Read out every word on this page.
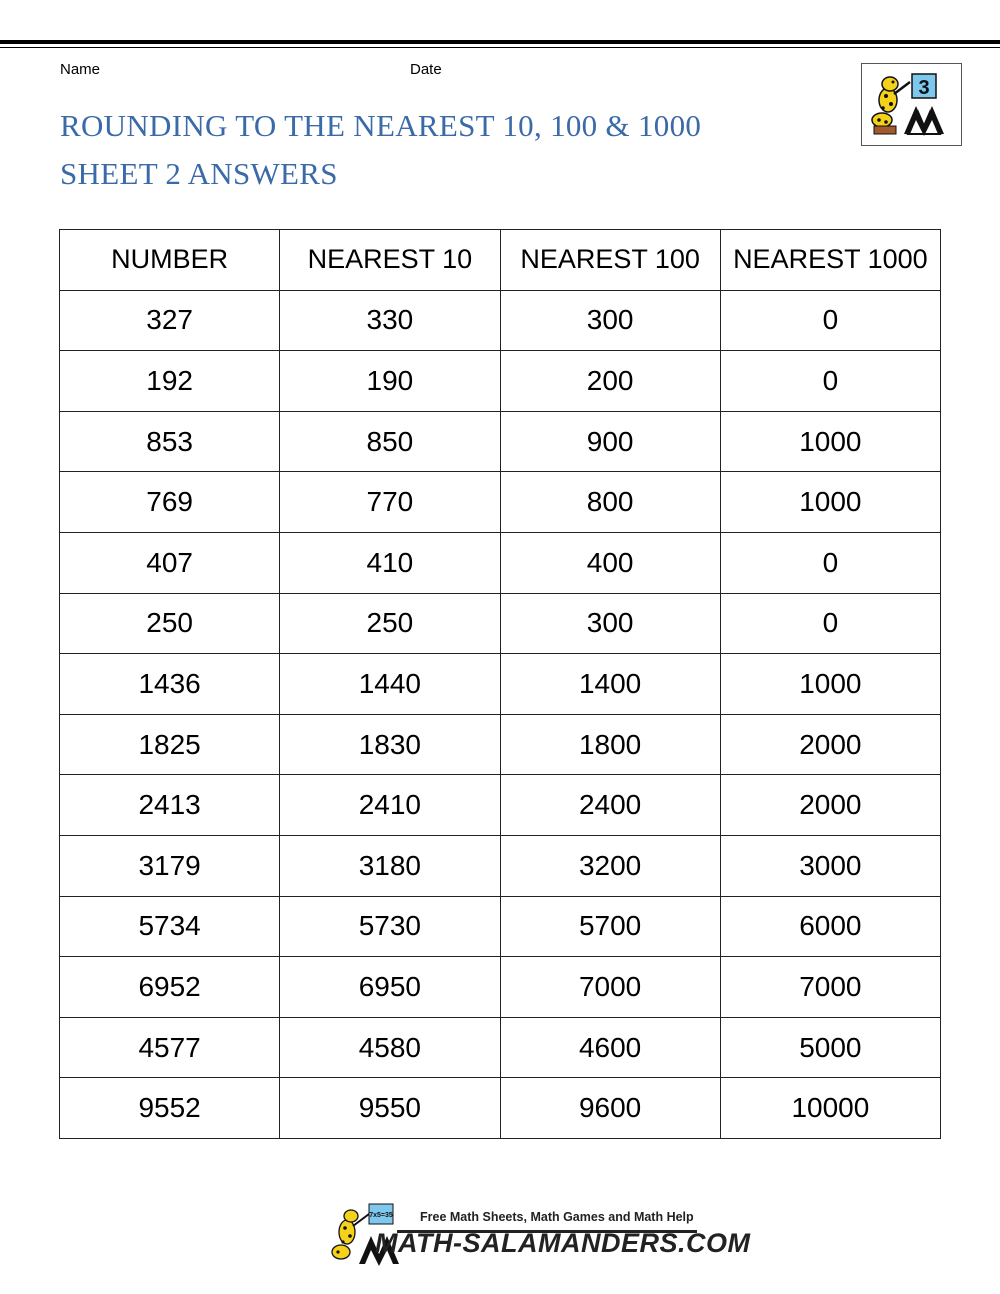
Name	Date
ROUNDING TO THE NEAREST 10, 100 & 1000
SHEET 2 ANSWERS
3
NUMBER	NEAREST 10	NEAREST 100	NEAREST 1000
327	330	300	0
192	190	200	0
853	850	900	1000
769	770	800	1000
407	410	400	0
250	250	300	0
1436	1440	1400	1000
1825	1830	1800	2000
2413	2410	2400	2000
3179	3180	3200	3000
5734	5730	5700	6000
6952	6950	7000	7000
4577	4580	4600	5000
9552	9550	9600	10000
7x5=35 Free Math Sheets, Math Games and Math Help
MATH-SALAMANDERS.COM
